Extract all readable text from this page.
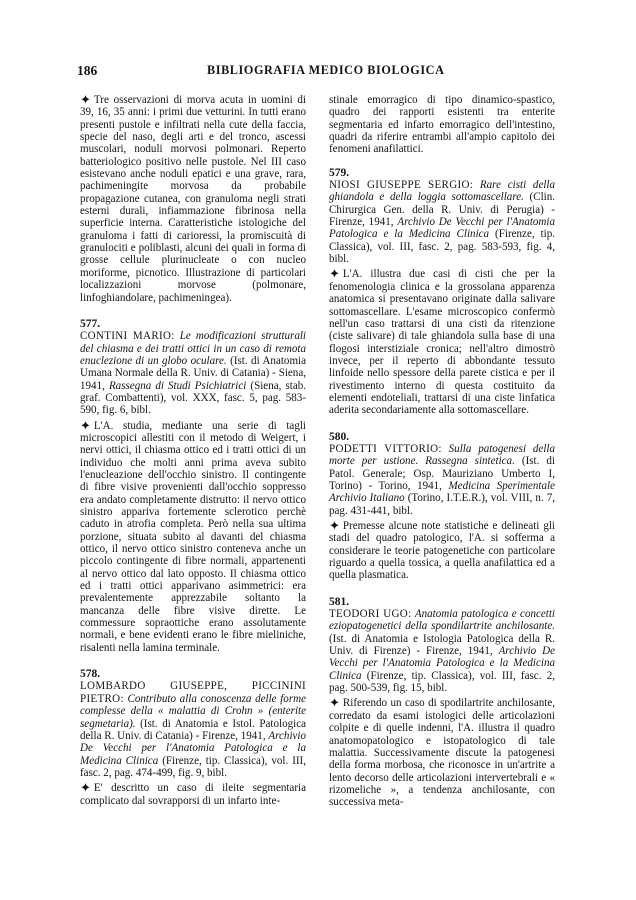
186	BIBLIOGRAFIA MEDICO BIOLOGICA

✦ Tre osservazioni di morva acuta in uomini di 39, 16, 35 anni: i primi due vetturini. In tutti erano presenti pustole e infiltrati nella cute della faccia, specie del naso, degli arti e del tronco, ascessi muscolari, noduli morvosi polmonari. Reperto batteriologico positivo nelle pustole. Nel III caso esistevano anche noduli epatici e una grave, rara, pachimeningite morvosa da probabile propagazione cutanea, con granuloma negli strati esterni durali, infiammazione fibrinosa nella superficie interna. Caratteristiche istologiche del granuloma i fatti di carioressi, la promiscuità di granulociti e poliblasti, alcuni dei quali in forma di grosse cellule plurinucleate o con nucleo moriforme, picnotico. Illustrazione di particolari localizzazioni morvose (polmonare, linfoghiandolare, pachimeningea).

577.

CONTINI MARIO: Le modificazioni strutturali del chiasma e dei tratti ottici in un caso di remota enuclezione di un globo oculare. (Ist. di Anatomia Umana Normale della R. Univ. di Catania) - Siena, 1941, Rassegna di Studi Psichiatrici (Siena, stab. graf. Combattenti), vol. XXX, fasc. 5, pag. 583-590, fig. 6, bibl.

✦ L'A. studia, mediante una serie di tagli microscopici allestiti con il metodo di Weigert, i nervi ottici, il chiasma ottico ed i tratti ottici di un individuo che molti anni prima aveva subito l'enucleazione dell'occhio sinistro. Il contingente di fibre visive provenienti dall'occhio soppresso era andato completamente distrutto: il nervo ottico sinistro appariva fortemente sclerotico perchè caduto in atrofia completa. Però nella sua ultima porzione, situata subito al davanti del chiasma ottico, il nervo ottico sinistro conteneva anche un piccolo contingente di fibre normali, appartenenti al nervo ottico dal lato opposto. Il chiasma ottico ed i tratti ottici apparivano asimmetrici: era prevalentemente apprezzabile soltanto la mancanza delle fibre visive dirette. Le commessure sopraottiche erano assolutamente normali, e bene evidenti erano le fibre mieliniche, risalenti nella lamina terminale.

578.

LOMBARDO GIUSEPPE, PICCININI PIETRO: Contributo alla conoscenza delle forme complesse della « malattia di Crohn » (enterite segmetaria). (Ist. di Anatomia e Istol. Patologica della R. Univ. di Catania) - Firenze, 1941, Archivio De Vecchi per l'Anatomia Patologica e la Medicina Clinica (Firenze, tip. Classica), vol. III, fasc. 2, pag. 474-499, fig. 9, bibl.

✦ E' descritto un caso di ileite segmentaria complicato dal sovrapporsi di un infarto inte-

stinale emorragico di tipo dinamico-spastico, quadro dei rapporti esistenti tra enterite segmentaria ed infarto emorragico dell'intestino, quadri da riferire entrambi all'ampio capitolo dei fenomeni anafilattici.

579.

NIOSI GIUSEPPE SERGIO: Rare cisti della ghiandola e della loggia sottomascellare. (Clin. Chirurgica Gen. della R. Univ. di Perugia) - Firenze, 1941, Archivio De Vecchi per l'Anatomia Patologica e la Medicina Clinica (Firenze, tip. Classica), vol. III, fasc. 2, pag. 583-593, fig. 4, bibl.

✦ L'A. illustra due casi di cisti che per la fenomenologia clinica e la grossolana apparenza anatomica si presentavano originate dalla salivare sottomascellare. L'esame microscopico confermò nell'un caso trattarsi di una cisti da ritenzione (ciste salivare) di tale ghiandola sulla base di una flogosi interstiziale cronica; nell'altro dimostrò invece, per il reperto di abbondante tessuto linfoide nello spessore della parete cistica e per il rivestimento interno di questa costituito da elementi endoteliali, trattarsi di una ciste linfatica aderita secondariamente alla sottomascellare.

580.

PODETTI VITTORIO: Sulla patogenesi della morte per ustione. Rassegna sintetica. (Ist. di Patol. Generale; Osp. Mauriziano Umberto I, Torino) - Torino, 1941, Medicina Sperimentale Archivio Italiano (Torino, I.T.E.R.), vol. VIII, n. 7, pag. 431-441, bibl.

✦ Premesse alcune note statistiche e delineati gli stadi del quadro patologico, l'A. si sofferma a considerare le teorie patogenetiche con particolare riguardo a quella tossica, a quella anafilattica ed a quella plasmatica.

581.

TEODORI UGO: Anatomia patologica e concetti eziopatogenetici della spondilartrite anchilosante. (Ist. di Anatomia e Istologia Patologica della R. Univ. di Firenze) - Firenze, 1941, Archivio De Vecchi per l'Anatomia Patologica e la Medicina Clinica (Firenze, tip. Classica), vol. III, fasc. 2, pag. 500-539, fig. 15, bibl.

✦ Riferendo un caso di spodilartrite anchilosante, corredato da esami istologici delle articolazioni colpite e di quelle indenni, l'A. illustra il quadro anatomopatologico e istopatologico di tale malattia. Successivamente discute la patogenesi della forma morbosa, che riconosce in un'artrite a lento decorso delle articolazioni intervertebrali e « rizomeliche », a tendenza anchilosante, con successiva meta-
